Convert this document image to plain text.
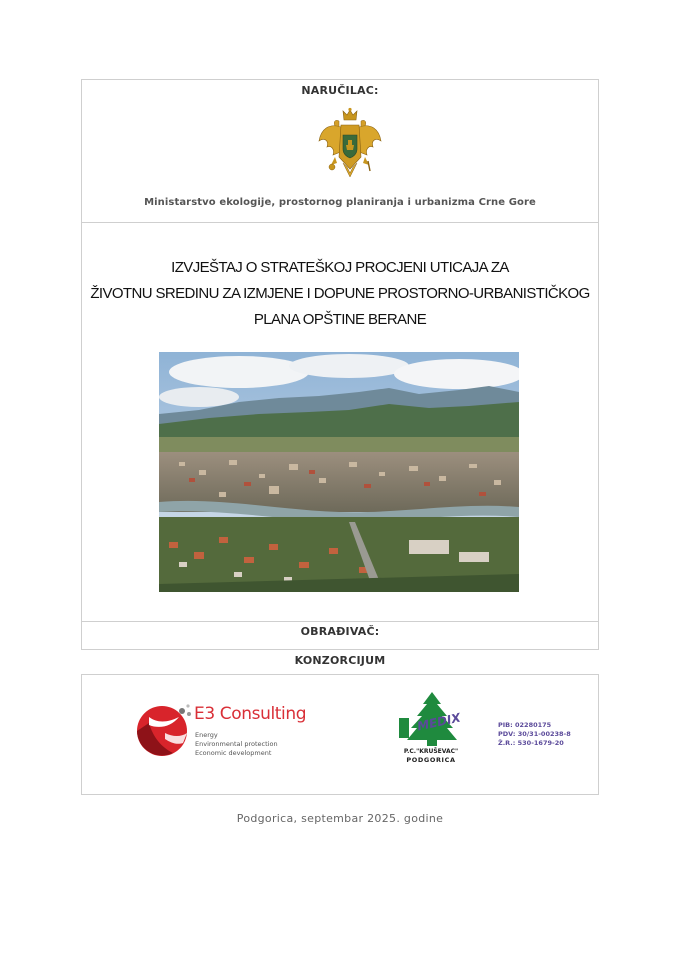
NARUČILAC:
Ministarstvo ekologije, prostornog planiranja i urbanizma Crne Gore
IZVJEŠTAJ O STRATEŠKOJ PROCJENI UTICAJA ZA
ŽIVOTNU SREDINU ZA IZMJENE I DOPUNE PROSTORNO-URBANISTIČKOG
PLANA OPŠTINE BERANE
OBRAĐIVAČ:
KONZORCIJUM
E3 Consulting
Energy
Environmental protection
Economic development
MEDIX
P.C."KRUŠEVAC"
PODGORICA
PIB: 02280175
PDV: 30/31-00238-8
Ž.R.: 530-1679-20
Podgorica, septembar 2025. godine
